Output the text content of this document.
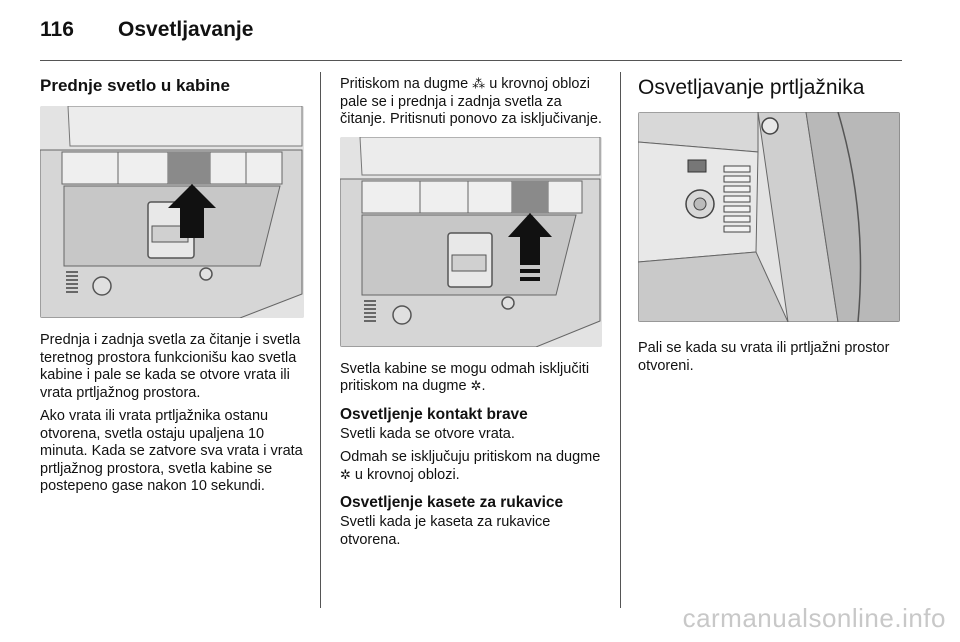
116	Osvetljavanje
Prednje svetlo u kabine

Prednja i zadnja svetla za čitanje i svetla teretnog prostora funkcionišu kao svetla kabine i pale se kada se otvore vrata ili vrata prtljažnog prostora.

Ako vrata ili vrata prtljažnika ostanu otvorena, svetla ostaju upaljena 10 minuta. Kada se zatvore sva vrata i vrata prtljažnog prostora, svetla kabine se postepeno gase nakon 10 sekundi.

Pritiskom na dugme ⁂ u krovnoj oblozi pale se i prednja i zadnja svetla za čitanje. Pritisnuti ponovo za isključivanje.

Svetla kabine se mogu odmah isključiti pritiskom na dugme ✲.

Osvetljenje kontakt brave

Svetli kada se otvore vrata.

Odmah se isključuju pritiskom na dugme ✲ u krovnoj oblozi.

Osvetljenje kasete za rukavice

Svetli kada je kaseta za rukavice otvorena.

Osvetljavanje prtljažnika

Pali se kada su vrata ili prtljažni prostor otvoreni.

carmanualsonline.info
